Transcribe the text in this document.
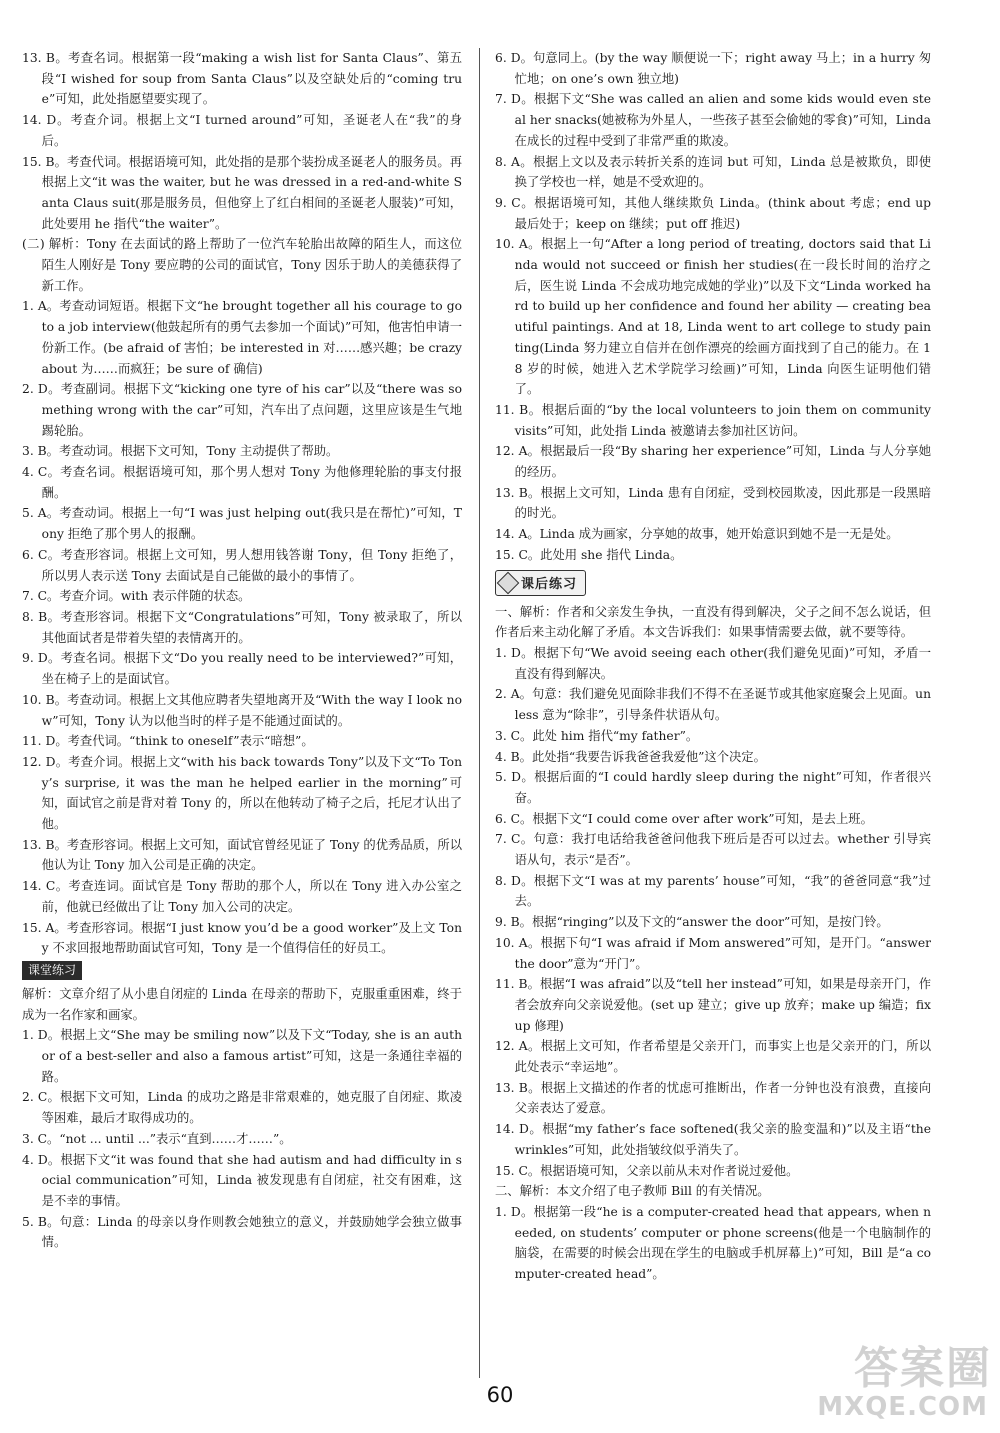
13. B。考查名词。根据第一段“making a wish list for Santa Claus”、第五段“I wished for soup from Santa Claus”以及空缺处后的“coming true”可知，此处指愿望要实现了。

14. D。考查介词。根据上文“I turned around”可知，圣诞老人在“我”的身后。

15. B。考查代词。根据语境可知，此处指的是那个装扮成圣诞老人的服务员。再根据上文“it was the waiter, but he was dressed in a red-and-white Santa Claus suit(那是服务员，但他穿上了红白相间的圣诞老人服装)”可知，此处要用 he 指代“the waiter”。

(二) 解析：Tony 在去面试的路上帮助了一位汽车轮胎出故障的陌生人，而这位陌生人刚好是 Tony 要应聘的公司的面试官，Tony 因乐于助人的美德获得了新工作。

1. A。考查动词短语。根据下文“he brought together all his courage to go to a job interview(他鼓起所有的勇气去参加一个面试)”可知，他害怕申请一份新工作。(be afraid of 害怕；be interested in 对……感兴趣；be crazy about 为……而疯狂；be sure of 确信)

2. D。考查副词。根据下文“kicking one tyre of his car”以及“there was something wrong with the car”可知，汽车出了点问题，这里应该是生气地踢轮胎。

3. B。考查动词。根据下文可知，Tony 主动提供了帮助。

4. C。考查名词。根据语境可知，那个男人想对 Tony 为他修理轮胎的事支付报酬。

5. A。考查动词。根据上一句“I was just helping out(我只是在帮忙)”可知，Tony 拒绝了那个男人的报酬。

6. C。考查形容词。根据上文可知，男人想用钱答谢 Tony，但 Tony 拒绝了，所以男人表示送 Tony 去面试是自己能做的最小的事情了。

7. C。考查介词。with 表示伴随的状态。

8. B。考查形容词。根据下文“Congratulations”可知，Tony 被录取了，所以其他面试者是带着失望的表情离开的。

9. D。考查名词。根据下文“Do you really need to be interviewed?”可知，坐在椅子上的是面试官。

10. B。考查动词。根据上文其他应聘者失望地离开及“With the way I look now”可知，Tony 认为以他当时的样子是不能通过面试的。

11. D。考查代词。“think to oneself”表示“暗想”。

12. D。考查介词。根据上文“with his back towards Tony”以及下文“To Tony’s surprise, it was the man he helped earlier in the morning”可知，面试官之前是背对着 Tony 的，所以在他转动了椅子之后，托尼才认出了他。

13. B。考查形容词。根据上文可知，面试官曾经见证了 Tony 的优秀品质，所以他认为让 Tony 加入公司是正确的决定。

14. C。考查连词。面试官是 Tony 帮助的那个人，所以在 Tony 进入办公室之前，他就已经做出了让 Tony 加入公司的决定。

15. A。考查形容词。根据“I just know you’d be a good worker”及上文 Tony 不求回报地帮助面试官可知，Tony 是一个值得信任的好员工。

课堂练习

解析：文章介绍了从小患自闭症的 Linda 在母亲的帮助下，克服重重困难，终于成为一名作家和画家。

1. D。根据上文“She may be smiling now”以及下文“Today, she is an author of a best-seller and also a famous artist”可知，这是一条通往幸福的路。

2. C。根据下文可知，Linda 的成功之路是非常艰难的，她克服了自闭症、欺凌等困难，最后才取得成功的。

3. C。“not ... until ...”表示“直到……才……”。

4. D。根据下文“it was found that she had autism and had difficulty in social communication”可知，Linda 被发现患有自闭症，社交有困难，这是不幸的事情。

5. B。句意：Linda 的母亲以身作则教会她独立的意义，并鼓励她学会独立做事情。

6. D。句意同上。(by the way 顺便说一下；right away 马上；in a hurry 匆忙地；on one’s own 独立地)

7. D。根据下文“She was called an alien and some kids would even steal her snacks(她被称为外星人，一些孩子甚至会偷她的零食)”可知，Linda 在成长的过程中受到了非常严重的欺凌。

8. A。根据上文以及表示转折关系的连词 but 可知，Linda 总是被欺负，即使换了学校也一样，她是不受欢迎的。

9. C。根据语境可知，其他人继续欺负 Linda。(think about 考虑；end up 最后处于；keep on 继续；put off 推迟)

10. A。根据上一句“After a long period of treating, doctors said that Linda would not succeed or finish her studies(在一段长时间的治疗之后，医生说 Linda 不会成功地完成她的学业)”以及下文“Linda worked hard to build up her confidence and found her ability — creating beautiful paintings. And at 18, Linda went to art college to study painting(Linda 努力建立自信并在创作漂亮的绘画方面找到了自己的能力。在 18 岁的时候，她进入艺术学院学习绘画)”可知，Linda 向医生证明他们错了。

11. B。根据后面的“by the local volunteers to join them on community visits”可知，此处指 Linda 被邀请去参加社区访问。

12. A。根据最后一段“By sharing her experience”可知，Linda 与人分享她的经历。

13. B。根据上文可知，Linda 患有自闭症，受到校园欺凌，因此那是一段黑暗的时光。

14. A。Linda 成为画家，分享她的故事，她开始意识到她不是一无是处。

15. C。此处用 she 指代 Linda。

课后练习

一、解析：作者和父亲发生争执，一直没有得到解决，父子之间不怎么说话，但作者后来主动化解了矛盾。本文告诉我们：如果事情需要去做，就不要等待。

1. D。根据下句“We avoid seeing each other(我们避免见面)”可知，矛盾一直没有得到解决。

2. A。句意：我们避免见面除非我们不得不在圣诞节或其他家庭聚会上见面。unless 意为“除非”，引导条件状语从句。

3. C。此处 him 指代“my father”。

4. B。此处指“我要告诉我爸爸我爱他”这个决定。

5. D。根据后面的“I could hardly sleep during the night”可知，作者很兴奋。

6. C。根据下文“I could come over after work”可知，是去上班。

7. C。句意：我打电话给我爸爸问他我下班后是否可以过去。whether 引导宾语从句，表示“是否”。

8. D。根据下文“I was at my parents’ house”可知，“我”的爸爸同意“我”过去。

9. B。根据“ringing”以及下文的“answer the door”可知，是按门铃。

10. A。根据下句“I was afraid if Mom answered”可知，是开门。“answer the door”意为“开门”。

11. B。根据“I was afraid”以及“tell her instead”可知，如果是母亲开门，作者会放弃向父亲说爱他。(set up 建立；give up 放弃；make up 编造；fix up 修理)

12. A。根据上文可知，作者希望是父亲开门，而事实上也是父亲开的门，所以此处表示“幸运地”。

13. B。根据上文描述的作者的忧虑可推断出，作者一分钟也没有浪费，直接向父亲表达了爱意。

14. D。根据“my father’s face softened(我父亲的脸变温和)”以及主语“the wrinkles”可知，此处指皱纹似乎消失了。

15. C。根据语境可知，父亲以前从未对作者说过爱他。

二、解析：本文介绍了电子教师 Bill 的有关情况。

1. D。根据第一段“he is a computer-created head that appears, when needed, on students’ computer or phone screens(他是一个电脑制作的脑袋，在需要的时候会出现在学生的电脑或手机屏幕上)”可知，Bill 是“a computer-created head”。

60
答案圈
MXQE.COM
